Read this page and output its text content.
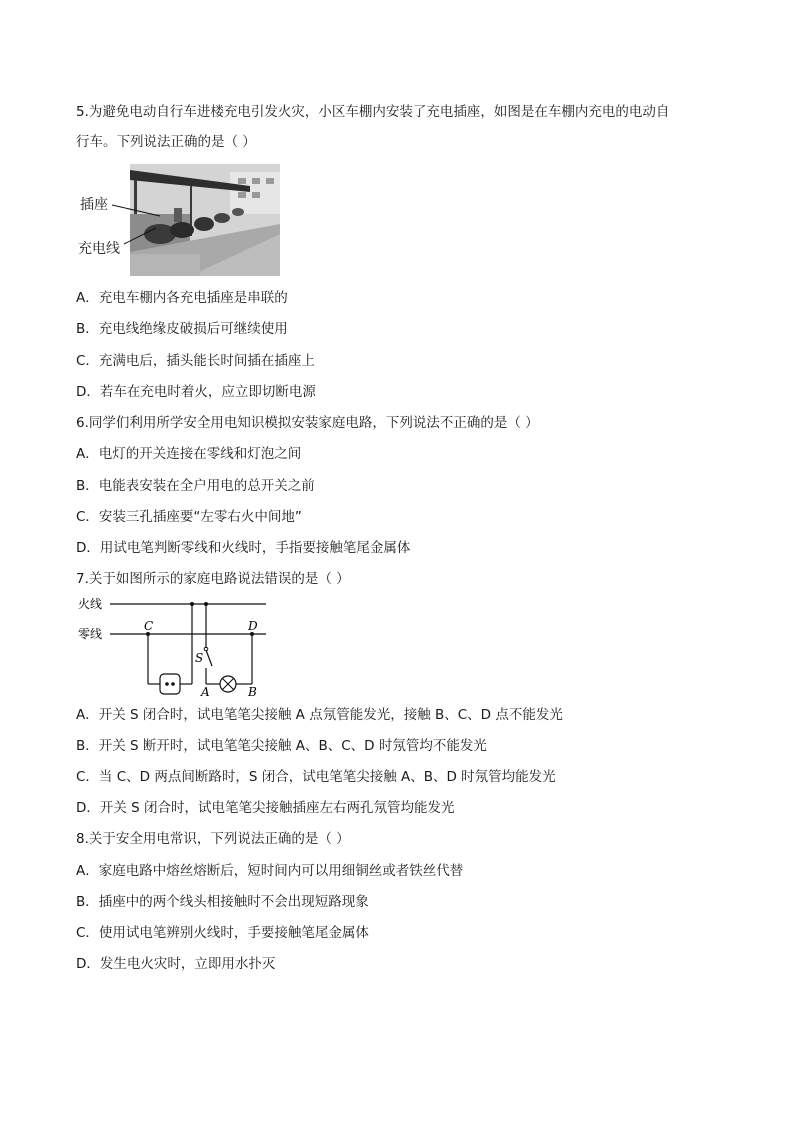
5.为避免电动自行车进楼充电引发火灾，小区车棚内安装了充电插座，如图是在车棚内充电的电动自
行车。下列说法正确的是（ ）
插座
充电线
A．充电车棚内各充电插座是串联的
B．充电线绝缘皮破损后可继续使用
C．充满电后，插头能长时间插在插座上
D．若车在充电时着火，应立即切断电源
6.同学们利用所学安全用电知识模拟安装家庭电路，下列说法不正确的是（ ）
A．电灯的开关连接在零线和灯泡之间
B．电能表安装在全户用电的总开关之前
C．安装三孔插座要“左零右火中间地”
D．用试电笔判断零线和火线时，手指要接触笔尾金属体
7.关于如图所示的家庭电路说法错误的是（ ）
火线
零线
C	D
S
A	B
A．开关 S 闭合时，试电笔笔尖接触 A 点氖管能发光，接触 B、C、D 点不能发光
B．开关 S 断开时，试电笔笔尖接触 A、B、C、D 时氖管均不能发光
C．当 C、D 两点间断路时，S 闭合，试电笔笔尖接触 A、B、D 时氖管均能发光
D．开关 S 闭合时，试电笔笔尖接触插座左右两孔氖管均能发光
8.关于安全用电常识，下列说法正确的是（ ）
A．家庭电路中熔丝熔断后，短时间内可以用细铜丝或者铁丝代替
B．插座中的两个线头相接触时不会出现短路现象
C．使用试电笔辨别火线时，手要接触笔尾金属体
D．发生电火灾时，立即用水扑灭
